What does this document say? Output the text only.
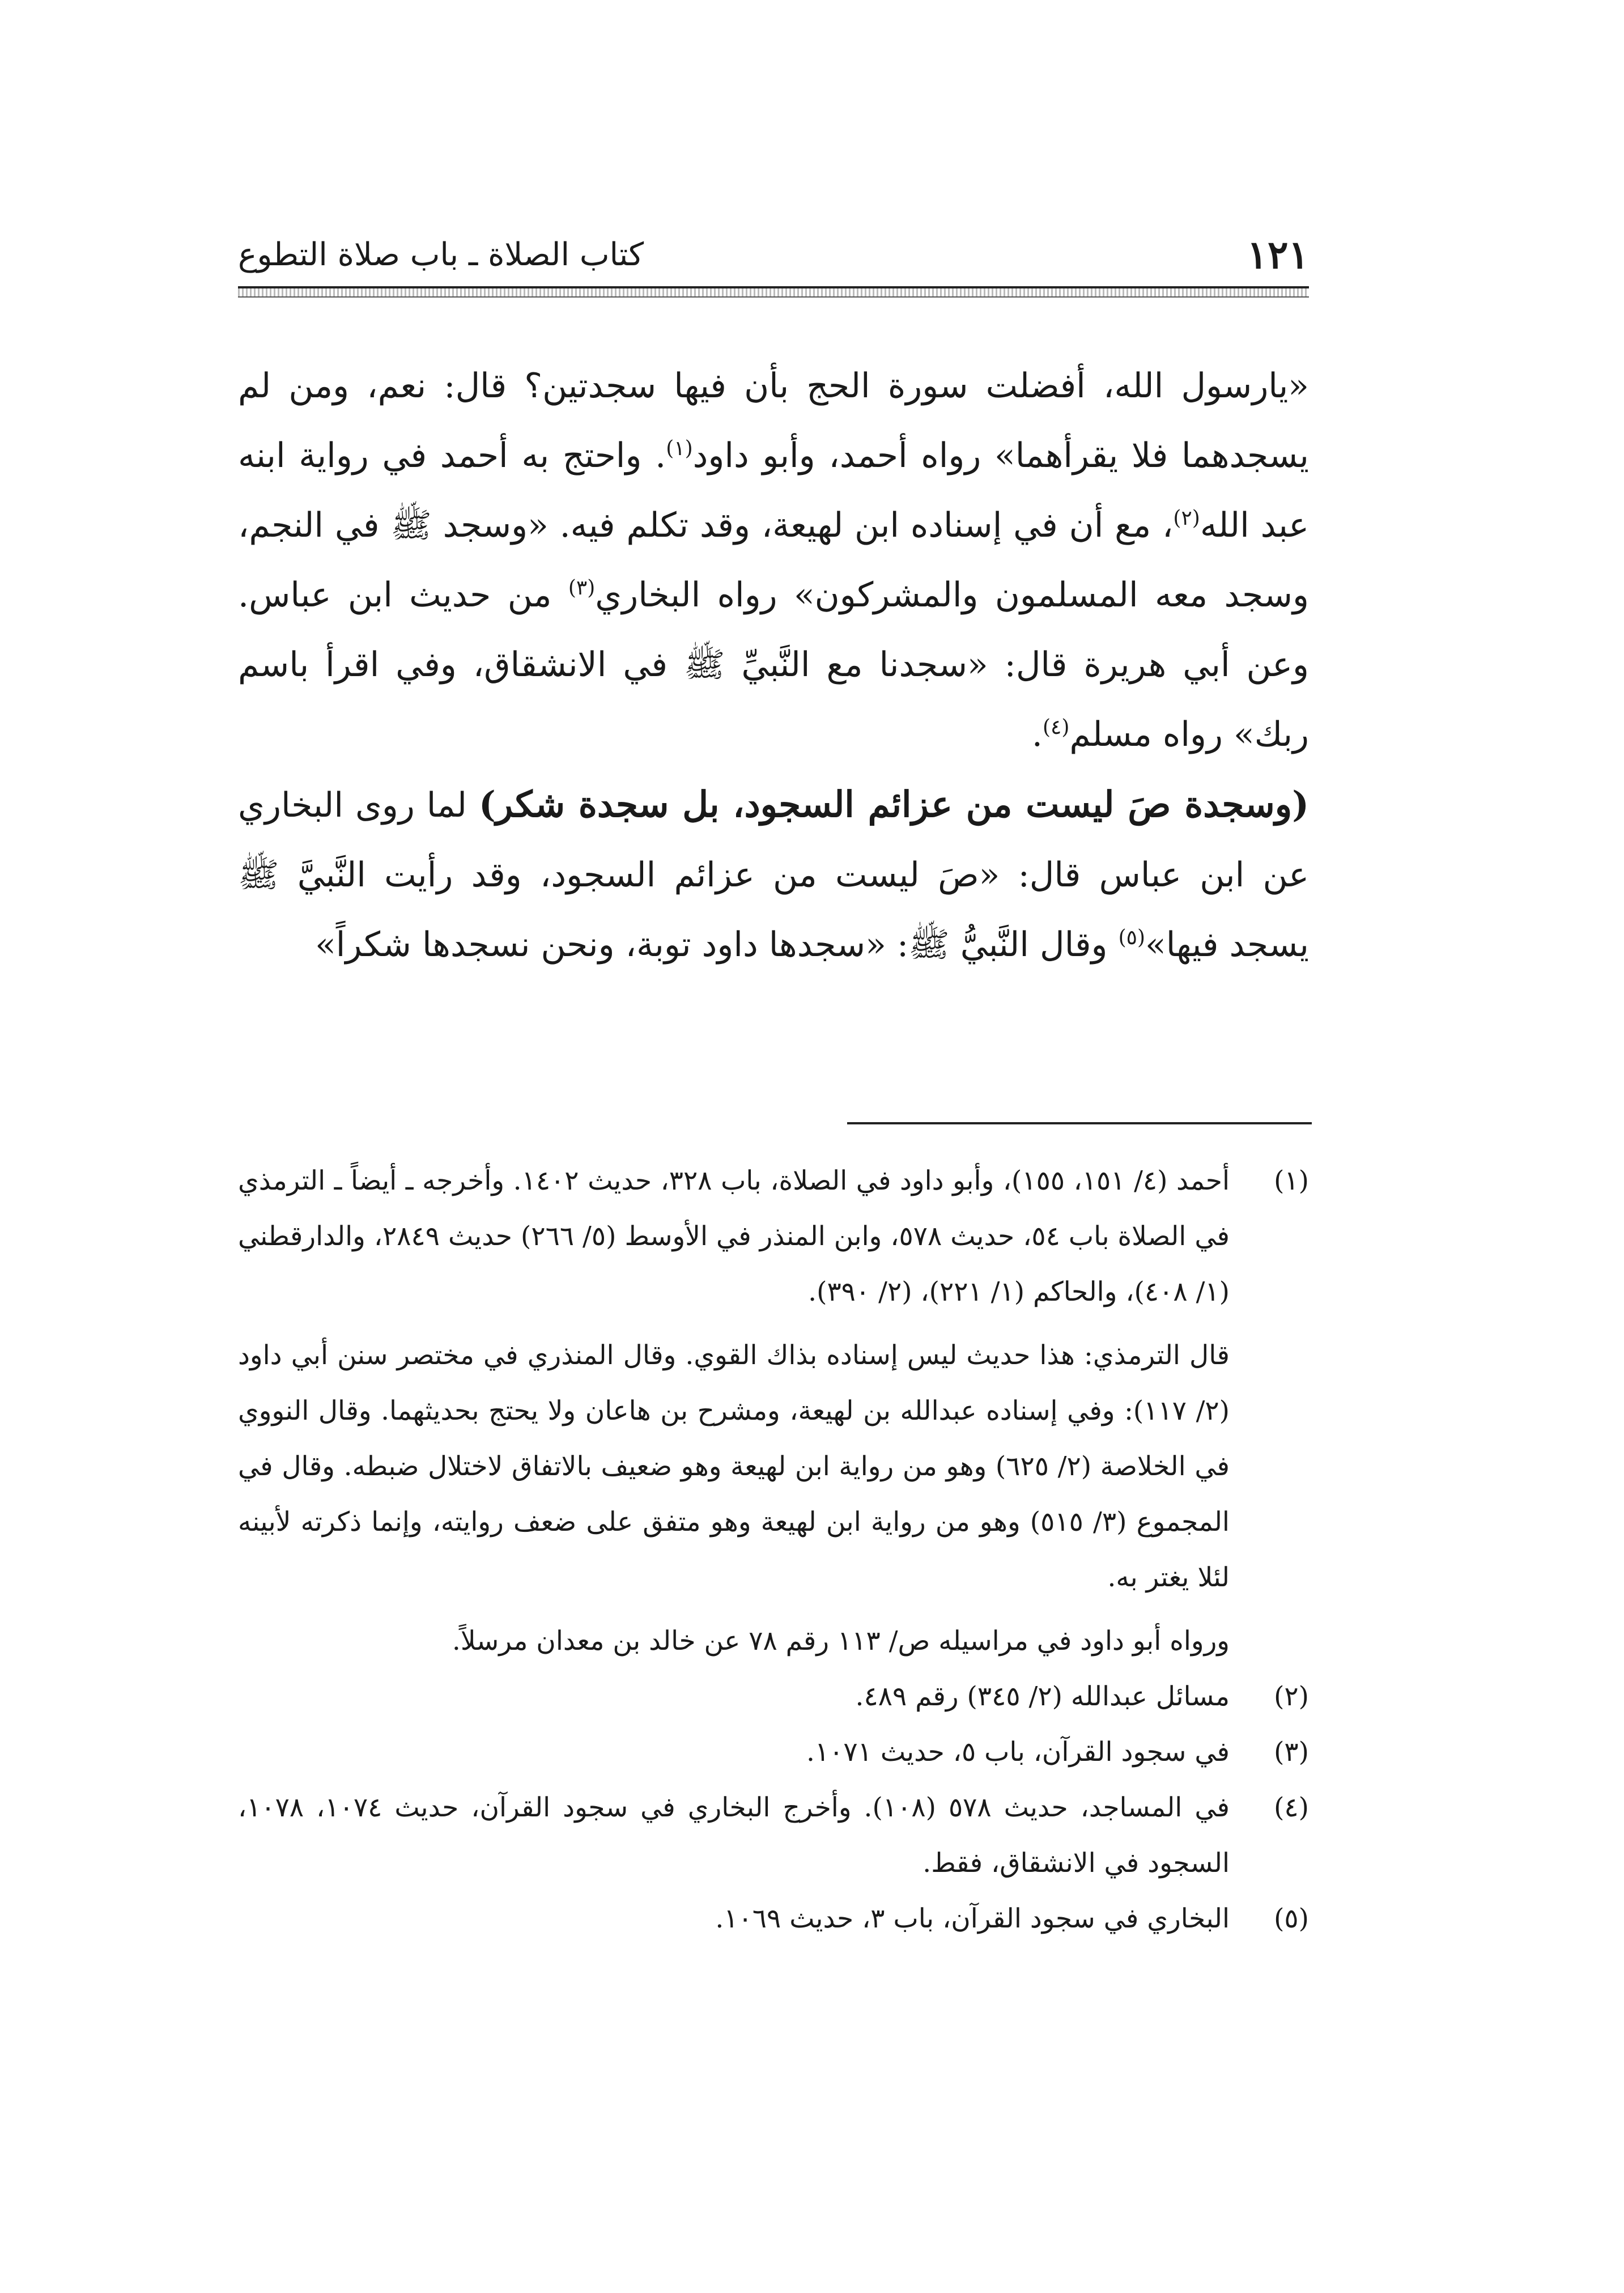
١٢١
كتاب الصلاة ـ باب صلاة التطوع

«يارسول الله، أفضلت سورة الحج بأن فيها سجدتين؟ قال: نعم، ومن لم يسجدهما فلا يقرأهما» رواه أحمد، وأبو داود$^{(١)}$. واحتج به أحمد في رواية ابنه عبد الله$^{(٢)}$، مع أن في إسناده ابن لهيعة، وقد تكلم فيه. «وسجد ﷺ في النجم، وسجد معه المسلمون والمشركون» رواه البخاري$^{(٣)}$ من حديث ابن عباس. وعن أبي هريرة قال: «سجدنا مع النَّبيِّ ﷺ في الانشقاق، وفي اقرأ باسم ربك» رواه مسلم$^{(٤)}$.

(وسجدة صَ ليست من عزائم السجود، بل سجدة شكر) لما روى البخاري عن ابن عباس قال: «صَ ليست من عزائم السجود، وقد رأيت النَّبيَّ ﷺ يسجد فيها»$^{(٥)}$ وقال النَّبيُّ ﷺ: «سجدها داود توبة، ونحن نسجدها شكراً»

(١)

أحمد (٤/ ١٥١، ١٥٥)، وأبو داود في الصلاة، باب ٣٢٨، حديث ١٤٠٢. وأخرجه ـ أيضاً ـ الترمذي في الصلاة باب ٥٤، حديث ٥٧٨، وابن المنذر في الأوسط (٥/ ٢٦٦) حديث ٢٨٤٩، والدارقطني (١/ ٤٠٨)، والحاكم (١/ ٢٢١)، (٢/ ٣٩٠).

قال الترمذي: هذا حديث ليس إسناده بذاك القوي. وقال المنذري في مختصر سنن أبي داود (٢/ ١١٧): وفي إسناده عبدالله بن لهيعة، ومشرح بن هاعان ولا يحتج بحديثهما. وقال النووي في الخلاصة (٢/ ٦٢٥) وهو من رواية ابن لهيعة وهو ضعيف بالاتفاق لاختلال ضبطه. وقال في المجموع (٣/ ٥١٥) وهو من رواية ابن لهيعة وهو متفق على ضعف روايته، وإنما ذكرته لأبينه لئلا يغتر به.

ورواه أبو داود في مراسيله ص/ ١١٣ رقم ٧٨ عن خالد بن معدان مرسلاً.

(٢)

مسائل عبدالله (٢/ ٣٤٥) رقم ٤٨٩.

(٣)

في سجود القرآن، باب ٥، حديث ١٠٧١.

(٤)

في المساجد، حديث ٥٧٨ (١٠٨). وأخرج البخاري في سجود القرآن، حديث ١٠٧٤، ١٠٧٨، السجود في الانشقاق، فقط.

(٥)

البخاري في سجود القرآن، باب ٣، حديث ١٠٦٩.
